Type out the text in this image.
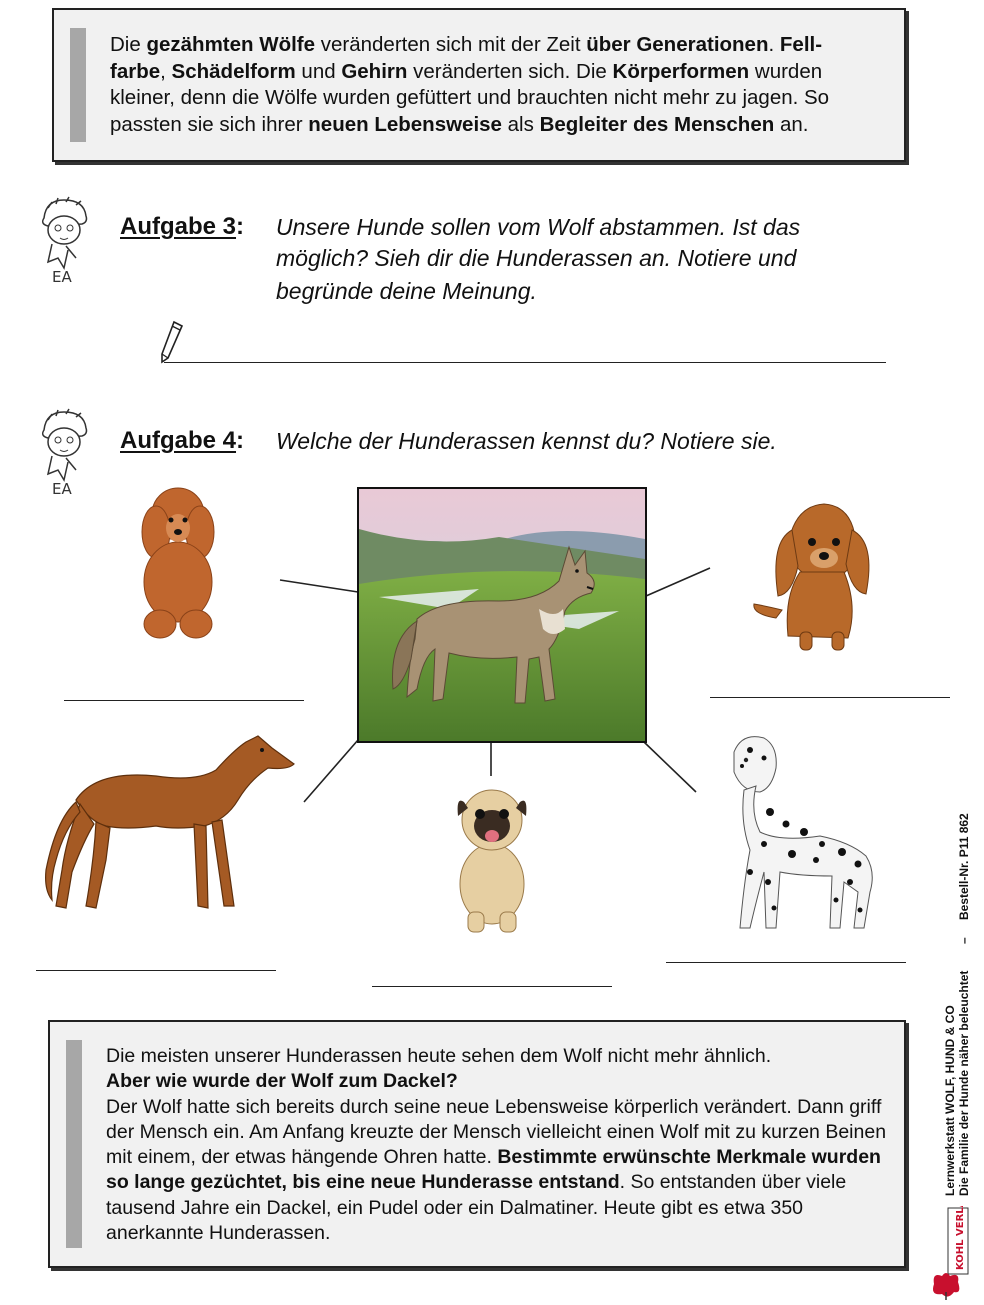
Die gezähmten Wölfe veränderten sich mit der Zeit über Generationen. Fell-
farbe, Schädelform und Gehirn veränderten sich. Die Körperformen wurden kleiner, denn die Wölfe wurden gefüttert und brauchten nicht mehr zu jagen. So passten sie sich ihrer neuen Lebensweise als Begleiter des Menschen an.
EA
Aufgabe 3: Unsere Hunde sollen vom Wolf abstammen. Ist das
möglich? Sieh dir die Hunderassen an. Notiere und
begründe deine Meinung.
EA
Aufgabe 4: Welche der Hunderassen kennst du? Notiere sie.
Die meisten unserer Hunderassen heute sehen dem Wolf nicht mehr ähnlich.
Aber wie wurde der Wolf zum Dackel?
Der Wolf hatte sich bereits durch seine neue Lebensweise körperlich verändert. Dann griff der Mensch ein. Am Anfang kreuzte der Mensch vielleicht einen Wolf mit zu kurzen Beinen mit einem, der etwas hängende Ohren hatte. Bestimmte erwünschte Merkmale wurden so lange gezüchtet, bis eine neue Hunderasse entstand. So entstanden über viele tausend Jahre ein Dackel, ein Pudel oder ein Dalmatiner. Heute gibt es etwa 350 anerkannte Hunderassen.
Lernwerkstatt WOLF, HUND & CO Die Familie der Hunde näher beleuchtet
–
Bestell-Nr. P11 862
KOHL VERLAG
